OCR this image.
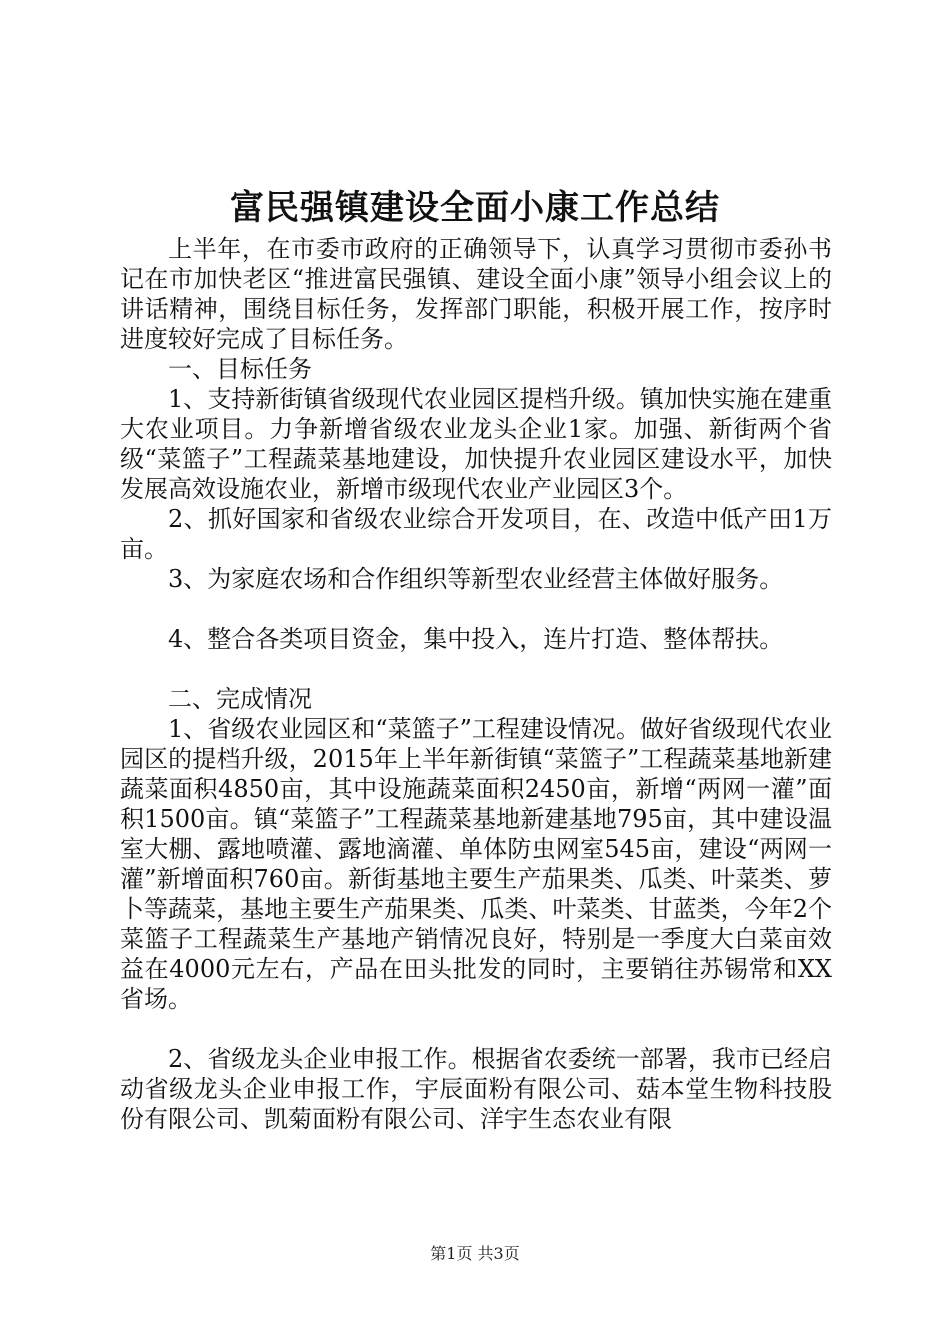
富民强镇建设全面小康工作总结

上半年，在市委市政府的正确领导下，认真学习贯彻市委孙书记在市加快老区“推进富民强镇、建设全面小康”领导小组会议上的讲话精神，围绕目标任务，发挥部门职能，积极开展工作，按序时进度较好完成了目标任务。

一、目标任务

1、支持新街镇省级现代农业园区提档升级。镇加快实施在建重大农业项目。力争新增省级农业龙头企业1家。加强、新街两个省级“菜篮子”工程蔬菜基地建设，加快提升农业园区建设水平，加快发展高效设施农业，新增市级现代农业产业园区3个。

2、抓好国家和省级农业综合开发项目，在、改造中低产田1万亩。

3、为家庭农场和合作组织等新型农业经营主体做好服务。

4、整合各类项目资金，集中投入，连片打造、整体帮扶。

二、完成情况

1、省级农业园区和“菜篮子”工程建设情况。做好省级现代农业园区的提档升级，2015年上半年新街镇“菜篮子”工程蔬菜基地新建蔬菜面积4850亩，其中设施蔬菜面积2450亩，新增“两网一灌”面积1500亩。镇“菜篮子”工程蔬菜基地新建基地795亩，其中建设温室大棚、露地喷灌、露地滴灌、单体防虫网室545亩，建设“两网一灌”新增面积760亩。新街基地主要生产茄果类、瓜类、叶菜类、萝卜等蔬菜，基地主要生产茄果类、瓜类、叶菜类、甘蓝类，今年2个菜篮子工程蔬菜生产基地产销情况良好，特别是一季度大白菜亩效益在4000元左右，产品在田头批发的同时，主要销往苏锡常和XX省场。

2、省级龙头企业申报工作。根据省农委统一部署，我市已经启动省级龙头企业申报工作，宇辰面粉有限公司、菇本堂生物科技股份有限公司、凯菊面粉有限公司、洋宇生态农业有限

第1页 共3页
